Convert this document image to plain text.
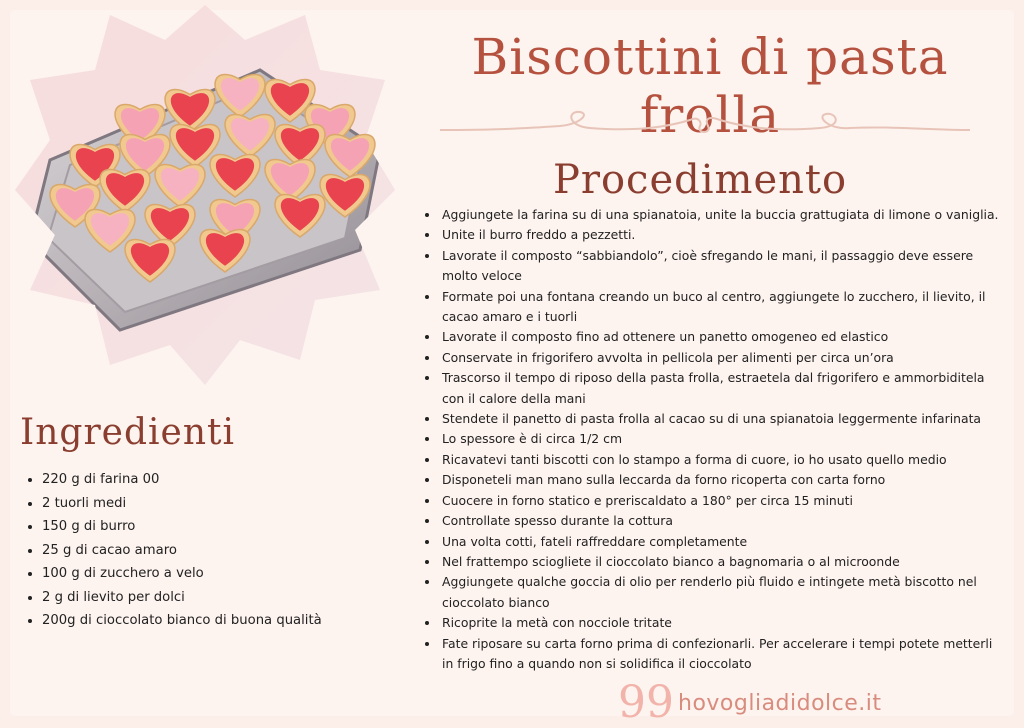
Biscottini di pasta frolla
Procedimento
• Aggiungete la farina su di una spianatoia, unite la buccia grattugiata di limone o vaniglia.
• Unite il burro freddo a pezzetti.
• Lavorate il composto “sabbiandolo”, cioè sfregando le mani, il passaggio deve essere molto veloce
• Formate poi una fontana creando un buco al centro, aggiungete lo zucchero, il lievito, il cacao amaro e i tuorli
• Lavorate il composto fino ad ottenere un panetto omogeneo ed elastico
• Conservate in frigorifero avvolta in pellicola per alimenti per circa un’ora
• Trascorso il tempo di riposo della pasta frolla, estraetela dal frigorifero e ammorbiditela con il calore della mani
• Stendete il panetto di pasta frolla al cacao su di una spianatoia leggermente infarinata
• Lo spessore è di circa 1/2 cm
• Ricavatevi tanti biscotti con lo stampo a forma di cuore, io ho usato quello medio
• Disponeteli man mano sulla leccarda da forno ricoperta con carta forno
• Cuocere in forno statico e preriscaldato a 180° per circa 15 minuti
• Controllate spesso durante la cottura
• Una volta cotti, fateli raffreddare completamente
• Nel frattempo sciogliete il cioccolato bianco a bagnomaria o al microonde
• Aggiungete qualche goccia di olio per renderlo più fluido e intingete metà biscotto nel cioccolato bianco
• Ricoprite la metà con nocciole tritate
• Fate riposare su carta forno prima di confezionarli. Per accelerare i tempi potete metterli in frigo fino a quando non si solidifica il cioccolato
Ingredienti
• 220 g di farina 00
• 2 tuorli medi
• 150 g di burro
• 25 g di cacao amaro
• 100 g di zucchero a velo
• 2 g di lievito per dolci
• 200g di cioccolato bianco di buona qualità
99 hovogliadidolce.it
